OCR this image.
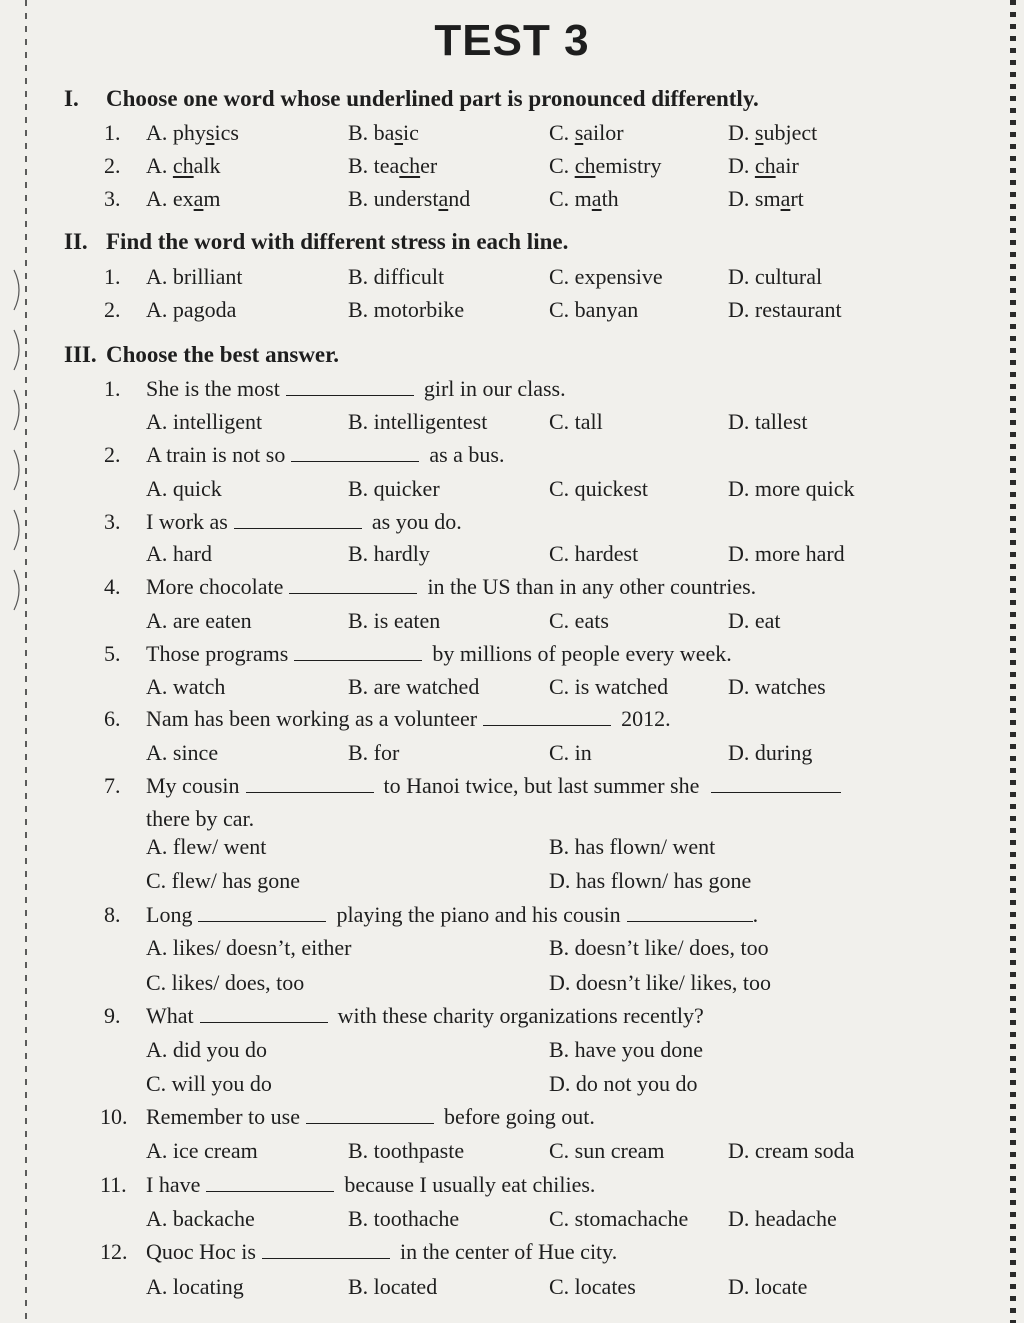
TEST 3
I. Choose one word whose underlined part is pronounced differently.
II. Find the word with different stress in each line.
III. Choose the best answer.
1. A. physics	B. basic	C. sailor	D. subject
2. A. chalk	B. teacher	C. chemistry	D. chair
3. A. exam	B. understand	C. math	D. smart
1. A. brilliant	B. difficult	C. expensive	D. cultural
2. A. pagoda	B. motorbike	C. banyan	D. restaurant
1. She is the most	girl in our class.
A. intelligent	B. intelligentest	C. tall	D. tallest
2. A train is not so	as a bus.
A. quick	B. quicker	C. quickest	D. more quick
3. I work as	as you do.
A. hard	B. hardly	C. hardest	D. more hard
4. More chocolate	in the US than in any other countries.
A. are eaten	B. is eaten	C. eats	D. eat
5. Those programs	by millions of people every week.
A. watch	B. are watched	C. is watched	D. watches
6. Nam has been working as a volunteer	2012.
A. since	B. for	C. in	D. during
7. My cousin	to Hanoi twice, but last summer she
there by car.
A. flew/ went	B. has flown/ went
C. flew/ has gone	D. has flown/ has gone
8. Long	playing the piano and his cousin	.
A. likes/ doesn’t, either	B. doesn’t like/ does, too
C. likes/ does, too	D. doesn’t like/ likes, too
9. What	with these charity organizations recently?
A. did you do	B. have you done
C. will you do	D. do not you do
10. Remember to use	before going out.
A. ice cream	B. toothpaste	C. sun cream	D. cream soda
11. I have	because I usually eat chilies.
A. backache	B. toothache	C. stomachache D. headache
12. Quoc Hoc is	in the center of Hue city.
A. locating	B. located	C. locates	D. locate
